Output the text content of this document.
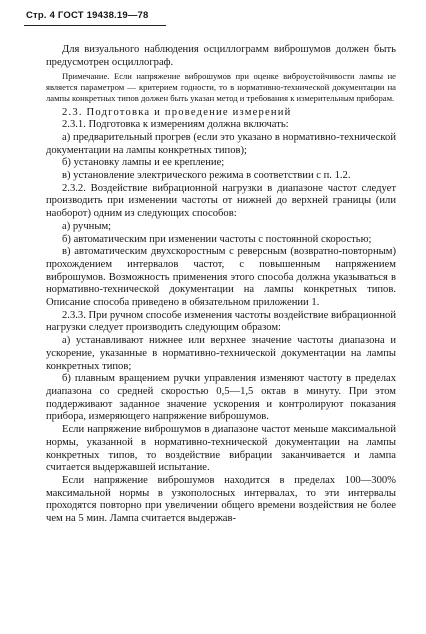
Стр. 4 ГОСТ 19438.19—78

Для визуального наблюдения осциллограмм виброшумов должен быть предусмотрен осциллограф.

Примечание. Если напряжение виброшумов при оценке виброустойчивости лампы не является параметром — критерием годности, то в нормативно-технической документации на лампы конкретных типов должен быть указан метод и требования к измерительным приборам.

2.3. Подготовка и проведение измерений

2.3.1. Подготовка к измерениям должна включать:

а) предварительный прогрев (если это указано в нормативно-технической документации на лампы конкретных типов);

б) установку лампы и ее крепление;

в) установление электрического режима в соответствии с п. 1.2.

2.3.2. Воздействие вибрационной нагрузки в диапазоне частот следует производить при изменении частоты от нижней до верхней границы (или наоборот) одним из следующих способов:

а) ручным;

б) автоматическим при изменении частоты с постоянной скоростью;

в) автоматическим двухскоростным с реверсным (возвратно-повторным) прохождением интервалов частот, с повышенным напряжением виброшумов. Возможность применения этого способа должна указываться в нормативно-технической документации на лампы конкретных типов. Описание способа приведено в обязательном приложении 1.

2.3.3. При ручном способе изменения частоты воздействие вибрационной нагрузки следует производить следующим образом:

а) устанавливают нижнее или верхнее значение частоты диапазона и ускорение, указанные в нормативно-технической документации на лампы конкретных типов;

б) плавным вращением ручки управления изменяют частоту в пределах диапазона со средней скоростью 0,5—1,5 октав в минуту. При этом поддерживают заданное значение ускорения и контролируют показания прибора, измеряющего напряжение виброшумов.

Если напряжение виброшумов в диапазоне частот меньше максимальной нормы, указанной в нормативно-технической документации на лампы конкретных типов, то воздействие вибрации заканчивается и лампа считается выдержавшей испытание.

Если напряжение виброшумов находится в пределах 100—300% максимальной нормы в узкополосных интервалах, то эти интервалы проходятся повторно при увеличении общего времени воздействия не более чем на 5 мин. Лампа считается выдержав-
